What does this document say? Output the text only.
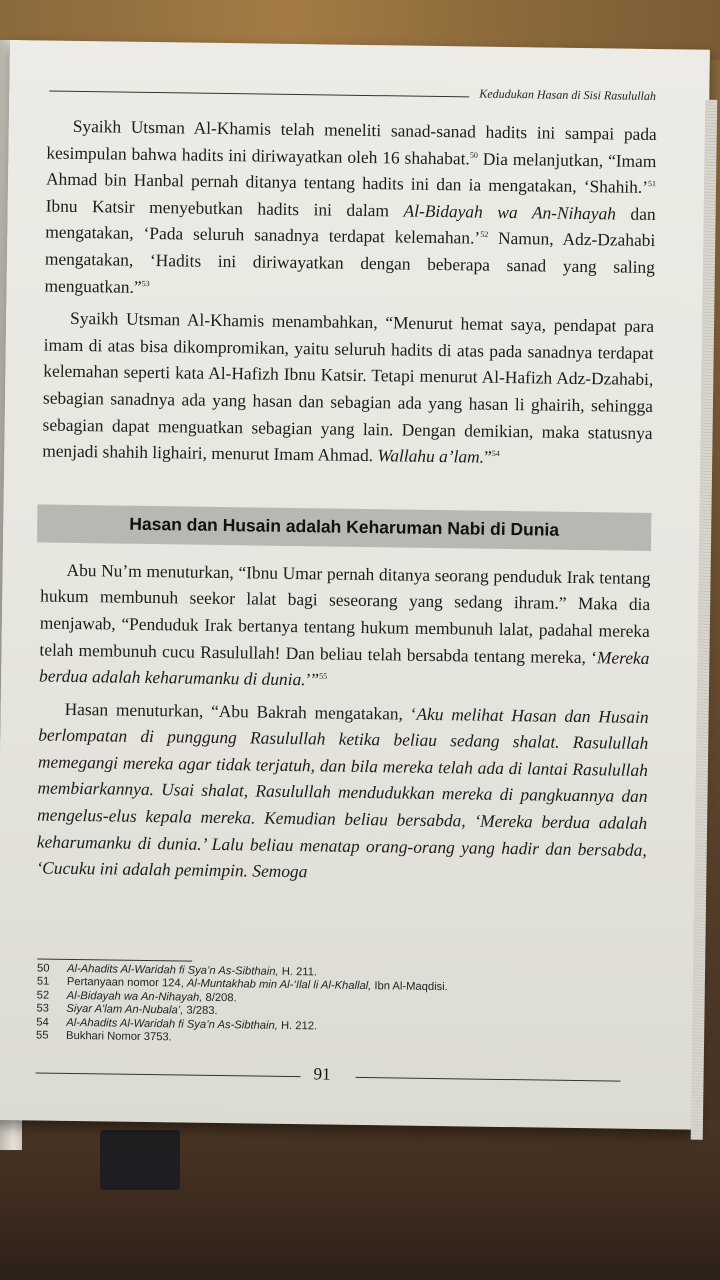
Kedudukan Hasan di Sisi Rasulullah

Syaikh Utsman Al-Khamis telah meneliti sanad-sanad hadits ini sampai pada kesimpulan bahwa hadits ini diriwayatkan oleh 16 shahabat.$^{50}$ Dia melanjutkan, “Imam Ahmad bin Hanbal pernah ditanya tentang hadits ini dan ia mengatakan, ‘Shahih.’$^{51}$ Ibnu Katsir menyebutkan hadits ini dalam Al-Bidayah wa An-Nihayah dan mengatakan, ‘Pada seluruh sanadnya terdapat kelemahan.’$^{52}$ Namun, Adz-Dzahabi mengatakan, ‘Hadits ini diriwayatkan dengan beberapa sanad yang saling menguatkan.”$^{53}$

Syaikh Utsman Al-Khamis menambahkan, “Menurut hemat saya, pendapat para imam di atas bisa dikompromikan, yaitu seluruh hadits di atas pada sanadnya terdapat kelemahan seperti kata Al-Hafizh Ibnu Katsir. Tetapi menurut Al-Hafizh Adz-Dzahabi, sebagian sanadnya ada yang hasan dan sebagian ada yang hasan li ghairih, sehingga sebagian dapat menguatkan sebagian yang lain. Dengan demikian, maka statusnya menjadi shahih lighairi, menurut Imam Ahmad. Wallahu a’lam.”$^{54}$

Hasan dan Husain adalah Keharuman Nabi di Dunia

Abu Nu’m menuturkan, “Ibnu Umar pernah ditanya seorang penduduk Irak tentang hukum membunuh seekor lalat bagi seseorang yang sedang ihram.” Maka dia menjawab, “Penduduk Irak bertanya tentang hukum membunuh lalat, padahal mereka telah membunuh cucu Rasulullah! Dan beliau telah bersabda tentang mereka, ‘Mereka berdua adalah keharumanku di dunia.’”$^{55}$

Hasan menuturkan, “Abu Bakrah mengatakan, ‘Aku melihat Hasan dan Husain berlompatan di punggung Rasulullah ketika beliau sedang shalat. Rasulullah memegangi mereka agar tidak terjatuh, dan bila mereka telah ada di lantai Rasulullah membiarkannya. Usai shalat, Rasulullah mendudukkan mereka di pangkuannya dan mengelus-elus kepala mereka. Kemudian beliau bersabda, ‘Mereka berdua adalah keharumanku di dunia.’ Lalu beliau menatap orang-orang yang hadir dan bersabda, ‘Cucuku ini adalah pemimpin. Semoga

50	Al-Ahadits Al-Waridah fi Sya’n As-Sibthain, H. 211.
51	Pertanyaan nomor 124, Al-Muntakhab min Al-‘Ilal li Al-Khallal, Ibn Al-Maqdisi.
52	Al-Bidayah wa An-Nihayah, 8/208.
53	Siyar A’lam An-Nubala’, 3/283.
54	Al-Ahadits Al-Waridah fi Sya’n As-Sibthain, H. 212.
55	Bukhari Nomor 3753.
91
